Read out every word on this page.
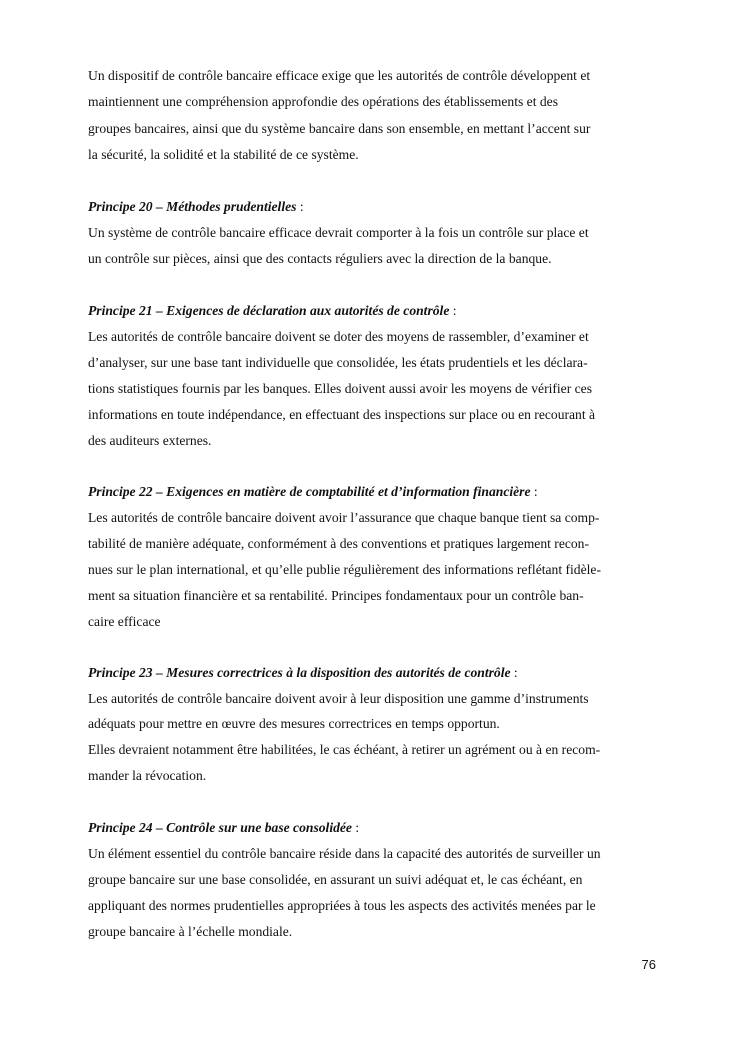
Un dispositif de contrôle bancaire efficace exige que les autorités de contrôle développent et
maintiennent une compréhension approfondie des opérations des établissements et des
groupes bancaires, ainsi que du système bancaire dans son ensemble, en mettant l’accent sur
la sécurité, la solidité et la stabilité de ce système.
Principe 20 – Méthodes prudentielles :
Un système de contrôle bancaire efficace devrait comporter à la fois un contrôle sur place et
un contrôle sur pièces, ainsi que des contacts réguliers avec la direction de la banque.
Principe 21 – Exigences de déclaration aux autorités de contrôle :
Les autorités de contrôle bancaire doivent se doter des moyens de rassembler, d’examiner et
d’analyser, sur une base tant individuelle que consolidée, les états prudentiels et les déclara-
tions statistiques fournis par les banques. Elles doivent aussi avoir les moyens de vérifier ces
informations en toute indépendance, en effectuant des inspections sur place ou en recourant à
des auditeurs externes.
Principe 22 – Exigences en matière de comptabilité et d’information financière :
Les autorités de contrôle bancaire doivent avoir l’assurance que chaque banque tient sa comp-
tabilité de manière adéquate, conformément à des conventions et pratiques largement recon-
nues sur le plan international, et qu’elle publie régulièrement des informations reflétant fidèle-
ment sa situation financière et sa rentabilité. Principes fondamentaux pour un contrôle ban-
caire efficace
Principe 23 – Mesures correctrices à la disposition des autorités de contrôle :
Les autorités de contrôle bancaire doivent avoir à leur disposition une gamme d’instruments
adéquats pour mettre en œuvre des mesures correctrices en temps opportun.
Elles devraient notamment être habilitées, le cas échéant, à retirer un agrément ou à en recom-
mander la révocation.
Principe 24 – Contrôle sur une base consolidée :
Un élément essentiel du contrôle bancaire réside dans la capacité des autorités de surveiller un
groupe bancaire sur une base consolidée, en assurant un suivi adéquat et, le cas échéant, en
appliquant des normes prudentielles appropriées à tous les aspects des activités menées par le
groupe bancaire à l’échelle mondiale.
76
